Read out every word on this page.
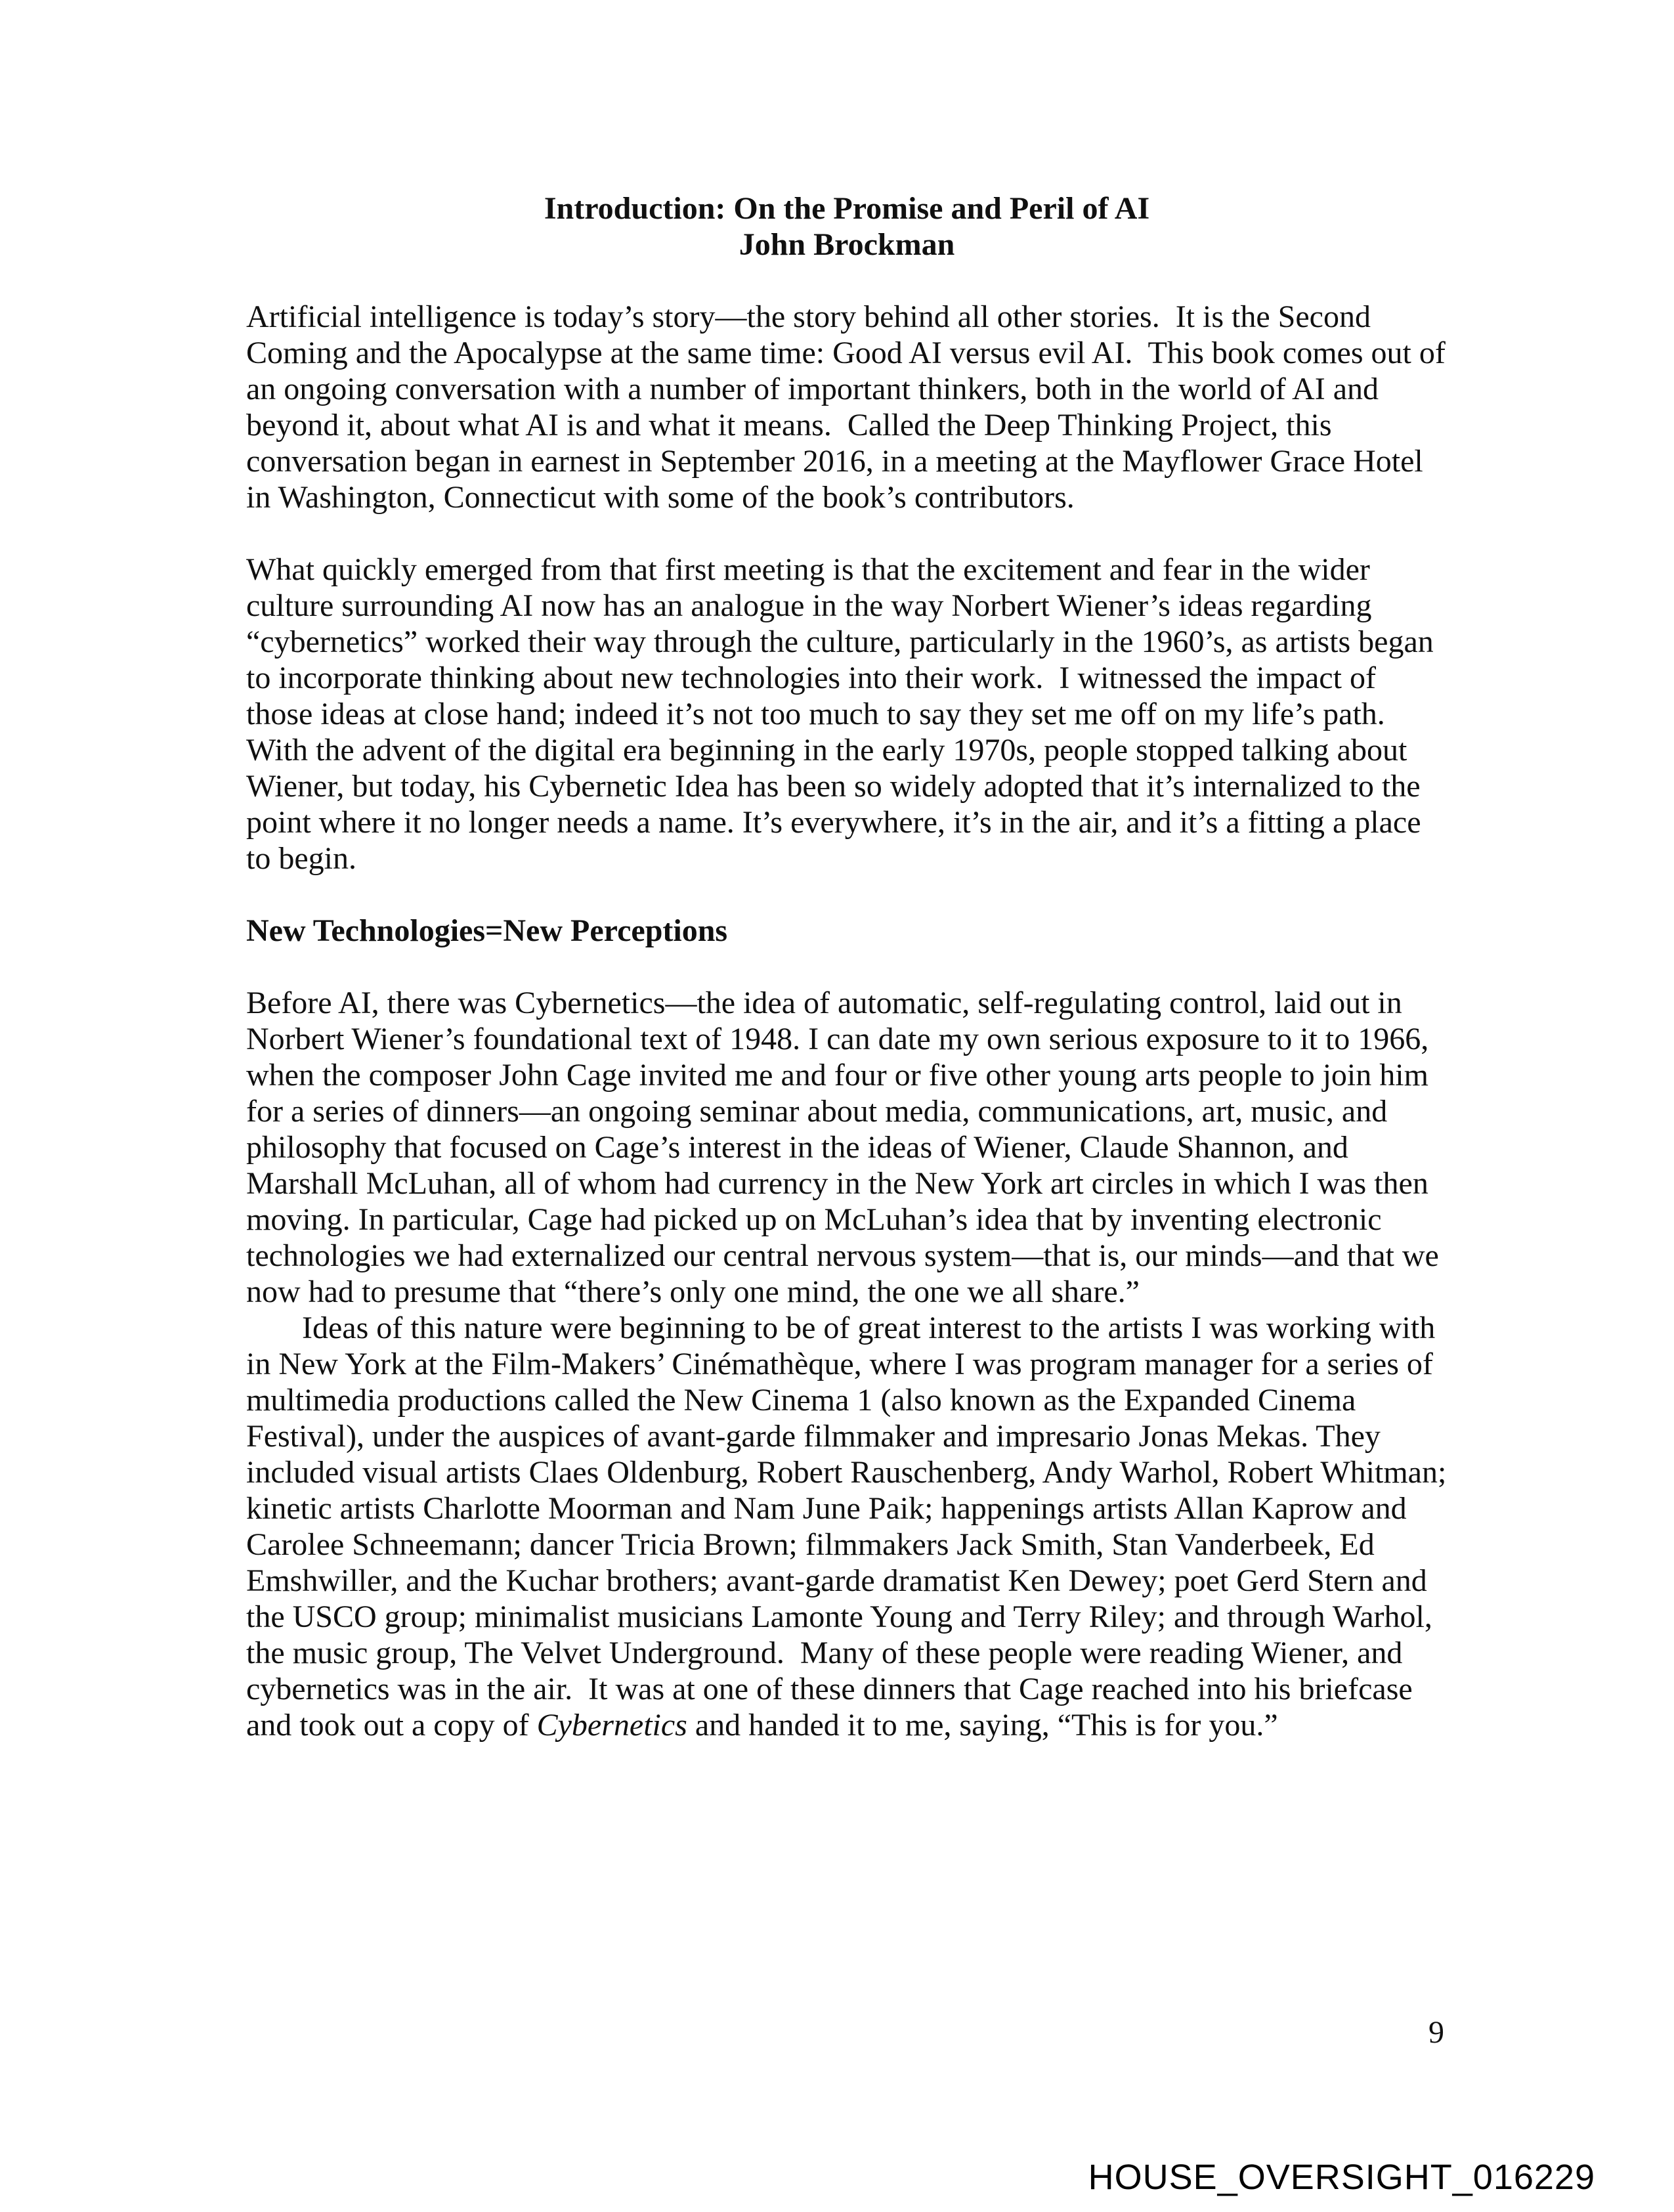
Introduction: On the Promise and Peril of AI
John Brockman

Artificial intelligence is today’s story—the story behind all other stories.  It is the Second Coming and the Apocalypse at the same time: Good AI versus evil AI.  This book comes out of an ongoing conversation with a number of important thinkers, both in the world of AI and beyond it, about what AI is and what it means.  Called the Deep Thinking Project, this conversation began in earnest in September 2016, in a meeting at the Mayflower Grace Hotel in Washington, Connecticut with some of the book’s contributors.

What quickly emerged from that first meeting is that the excitement and fear in the wider culture surrounding AI now has an analogue in the way Norbert Wiener’s ideas regarding “cybernetics” worked their way through the culture, particularly in the 1960’s, as artists began to incorporate thinking about new technologies into their work.  I witnessed the impact of those ideas at close hand; indeed it’s not too much to say they set me off on my life’s path. With the advent of the digital era beginning in the early 1970s, people stopped talking about Wiener, but today, his Cybernetic Idea has been so widely adopted that it’s internalized to the point where it no longer needs a name. It’s everywhere, it’s in the air, and it’s a fitting a place to begin.

New Technologies=New Perceptions

Before AI, there was Cybernetics—the idea of automatic, self-regulating control, laid out in Norbert Wiener’s foundational text of 1948. I can date my own serious exposure to it to 1966, when the composer John Cage invited me and four or five other young arts people to join him for a series of dinners—an ongoing seminar about media, communications, art, music, and philosophy that focused on Cage’s interest in the ideas of Wiener, Claude Shannon, and Marshall McLuhan, all of whom had currency in the New York art circles in which I was then moving. In particular, Cage had picked up on McLuhan’s idea that by inventing electronic technologies we had externalized our central nervous system—that is, our minds—and that we now had to presume that “there’s only one mind, the one we all share.”

Ideas of this nature were beginning to be of great interest to the artists I was working with in New York at the Film-Makers’ Cinémathèque, where I was program manager for a series of multimedia productions called the New Cinema 1 (also known as the Expanded Cinema Festival), under the auspices of avant-garde filmmaker and impresario Jonas Mekas. They included visual artists Claes Oldenburg, Robert Rauschenberg, Andy Warhol, Robert Whitman; kinetic artists Charlotte Moorman and Nam June Paik; happenings artists Allan Kaprow and Carolee Schneemann; dancer Tricia Brown; filmmakers Jack Smith, Stan Vanderbeek, Ed Emshwiller, and the Kuchar brothers; avant-garde dramatist Ken Dewey; poet Gerd Stern and the USCO group; minimalist musicians Lamonte Young and Terry Riley; and through Warhol, the music group, The Velvet Underground.  Many of these people were reading Wiener, and cybernetics was in the air.  It was at one of these dinners that Cage reached into his briefcase and took out a copy of Cybernetics and handed it to me, saying, “This is for you.”

9
HOUSE_OVERSIGHT_016229
